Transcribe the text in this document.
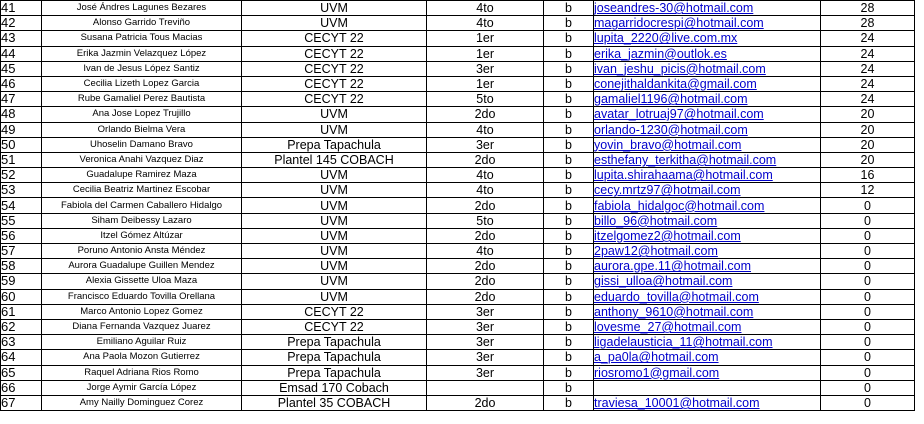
41	José Ándres Lagunes Bezares	UVM	4to	b	joseandres-30@hotmail.com	28
42	Alonso Garrido Treviño	UVM	4to	b	magarridocrespi@hotmail.com	28
43	Susana Patricia Tous Macias	CECYT 22	1er	b	lupita_2220@live.com.mx	24
44	Erika Jazmin Velazquez López	CECYT 22	1er	b	erika_jazmin@outlok.es	24
45	Ivan de Jesus López Santiz	CECYT 22	3er	b	ivan_jeshu_picis@hotmail.com	24
46	Cecilia Lizeth Lopez Garcia	CECYT 22	1er	b	conejithaldankita@gmail.com	24
47	Rube Gamaliel Perez Bautista	CECYT 22	5to	b	gamaliel1196@hotmail.com	24
48	Ana Jose Lopez Trujillo	UVM	2do	b	avatar_lotruaj97@hotmail.com	20
49	Orlando Bielma Vera	UVM	4to	b	orlando-1230@hotmail.com	20
50	Uhoselin Damano Bravo	Prepa Tapachula	3er	b	yovin_bravo@hotmail.com	20
51	Veronica Anahi Vazquez Diaz	Plantel 145 COBACH	2do	b	esthefany_terkitha@hotmail.com	20
52	Guadalupe Ramirez Maza	UVM	4to	b	lupita.shirahaama@hotmail.com	16
53	Cecilia Beatriz Martinez Escobar	UVM	4to	b	cecy.mrtz97@hotmail.com	12
54	Fabiola del Carmen Caballero Hidalgo	UVM	2do	b	fabiola_hidalgoc@hotmail.com	0
55	Siham Deibessy Lazaro	UVM	5to	b	billo_96@hotmail.com	0
56	Itzel Gómez Altúzar	UVM	2do	b	itzelgomez2@hotmail.com	0
57	Poruno Antonio Ansta Méndez	UVM	4to	b	2paw12@hotmail.com	0
58	Aurora Guadalupe Guillen Mendez	UVM	2do	b	aurora.gpe.11@hotmail.com	0
59	Alexia Gissette Uloa Maza	UVM	2do	b	gissi_ulloa@hotmail.com	0
60	Francisco Eduardo Tovilla Orellana	UVM	2do	b	eduardo_tovilla@hotmail.com	0
61	Marco Antonio Lopez Gomez	CECYT 22	3er	b	anthony_9610@hotmail.com	0
62	Diana Fernanda Vazquez Juarez	CECYT 22	3er	b	lovesme_27@hotmail.com	0
63	Emiliano Aguilar Ruiz	Prepa Tapachula	3er	b	ligadelausticia_11@hotmail.com	0
64	Ana Paola Mozon Gutierrez	Prepa Tapachula	3er	b	a_pa0la@hotmail.com	0
65	Raquel Adriana Rios Romo	Prepa Tapachula	3er	b	riosromo1@gmail.com	0
66	Jorge Aymir García López	Emsad 170 Cobach		b		0
67	Amy Nailly Dominguez Corez	Plantel 35 COBACH	2do	b	traviesa_10001@hotmail.com	0
